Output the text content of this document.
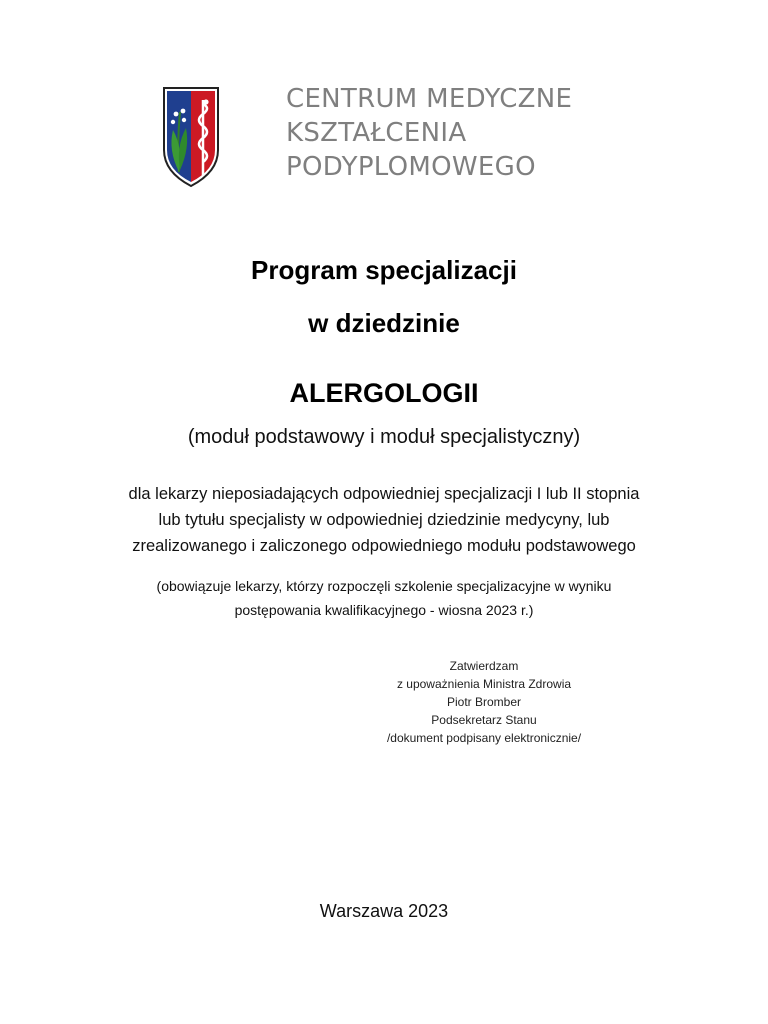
CENTRUM MEDYCZNE
KSZTAŁCENIA
PODYPLOMOWEGO
Program specjalizacji
w dziedzinie
ALERGOLOGII
(moduł podstawowy i moduł specjalistyczny)
dla lekarzy nieposiadających odpowiedniej specjalizacji I lub II stopnia
lub tytułu specjalisty w odpowiedniej dziedzinie medycyny, lub
zrealizowanego i zaliczonego odpowiedniego modułu podstawowego
(obowiązuje lekarzy, którzy rozpoczęli szkolenie specjalizacyjne w wyniku
postępowania kwalifikacyjnego - wiosna 2023 r.)
Zatwierdzam
z upoważnienia Ministra Zdrowia
Piotr Bromber
Podsekretarz Stanu
/dokument podpisany elektronicznie/
Warszawa 2023
